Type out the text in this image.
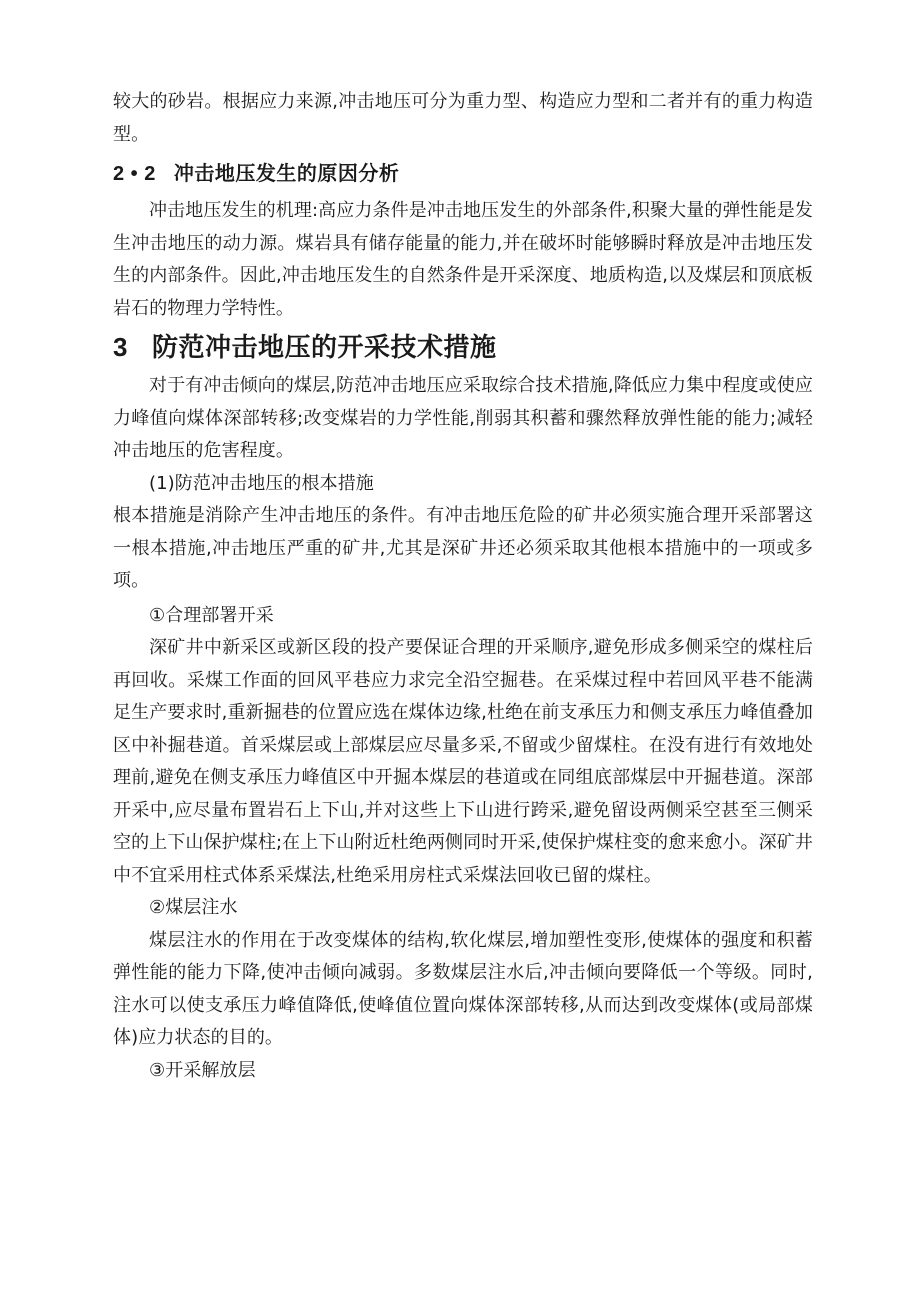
较大的砂岩。根据应力来源,冲击地压可分为重力型、构造应力型和二者并有的重力构造型。

2 • 2 冲击地压发生的原因分析

冲击地压发生的机理:高应力条件是冲击地压发生的外部条件,积聚大量的弹性能是发生冲击地压的动力源。煤岩具有储存能量的能力,并在破坏时能够瞬时释放是冲击地压发生的内部条件。因此,冲击地压发生的自然条件是开采深度、地质构造,以及煤层和顶底板岩石的物理力学特性。

3 防范冲击地压的开采技术措施

对于有冲击倾向的煤层,防范冲击地压应采取综合技术措施,降低应力集中程度或使应力峰值向煤体深部转移;改变煤岩的力学性能,削弱其积蓄和骤然释放弹性能的能力;减轻冲击地压的危害程度。

(1)防范冲击地压的根本措施

根本措施是消除产生冲击地压的条件。有冲击地压危险的矿井必须实施合理开采部署这一根本措施,冲击地压严重的矿井,尤其是深矿井还必须采取其他根本措施中的一项或多项。

①合理部署开采

深矿井中新采区或新区段的投产要保证合理的开采顺序,避免形成多侧采空的煤柱后再回收。采煤工作面的回风平巷应力求完全沿空掘巷。在采煤过程中若回风平巷不能满足生产要求时,重新掘巷的位置应选在煤体边缘,杜绝在前支承压力和侧支承压力峰值叠加区中补掘巷道。首采煤层或上部煤层应尽量多采,不留或少留煤柱。在没有进行有效地处理前,避免在侧支承压力峰值区中开掘本煤层的巷道或在同组底部煤层中开掘巷道。深部开采中,应尽量布置岩石上下山,并对这些上下山进行跨采,避免留设两侧采空甚至三侧采空的上下山保护煤柱;在上下山附近杜绝两侧同时开采,使保护煤柱变的愈来愈小。深矿井中不宜采用柱式体系采煤法,杜绝采用房柱式采煤法回收已留的煤柱。

②煤层注水

煤层注水的作用在于改变煤体的结构,软化煤层,增加塑性变形,使煤体的强度和积蓄弹性能的能力下降,使冲击倾向减弱。多数煤层注水后,冲击倾向要降低一个等级。同时,注水可以使支承压力峰值降低,使峰值位置向煤体深部转移,从而达到改变煤体(或局部煤体)应力状态的目的。

③开采解放层
